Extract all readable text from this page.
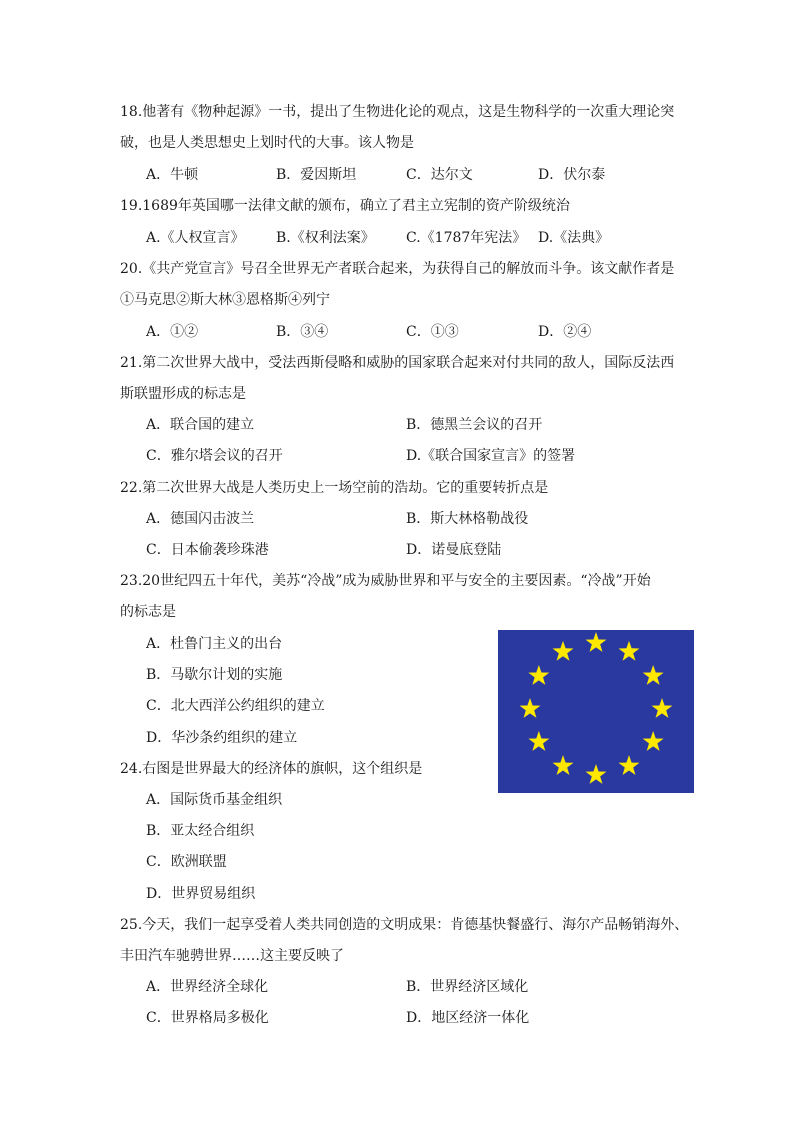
18.他著有《物种起源》一书，提出了生物进化论的观点，这是生物科学的一次重大理论突
破，也是人类思想史上划时代的大事。该人物是
A．牛顿	B．爱因斯坦	C．达尔文	D．伏尔泰
19.1689年英国哪一法律文献的颁布，确立了君主立宪制的资产阶级统治
A.《人权宣言》 B.《权利法案》 C.《1787年宪法》 D.《法典》
20.《共产党宣言》号召全世界无产者联合起来，为获得自己的解放而斗争。该文献作者是
①马克思②斯大林③恩格斯④列宁
A．①②	B．③④	C．①③	D．②④
21.第二次世界大战中，受法西斯侵略和威胁的国家联合起来对付共同的敌人，国际反法西
斯联盟形成的标志是
A．联合国的建立	B．德黑兰会议的召开
C．雅尔塔会议的召开	D.《联合国家宣言》的签署
22.第二次世界大战是人类历史上一场空前的浩劫。它的重要转折点是
A．德国闪击波兰	B．斯大林格勒战役
C．日本偷袭珍珠港	D．诺曼底登陆
23.20世纪四五十年代，美苏“冷战”成为威胁世界和平与安全的主要因素。“冷战”开始
的标志是
A．杜鲁门主义的出台
B．马歇尔计划的实施
C．北大西洋公约组织的建立
D．华沙条约组织的建立
24.右图是世界最大的经济体的旗帜，这个组织是
A．国际货币基金组织
B．亚太经合组织
C．欧洲联盟
D．世界贸易组织
25.今天，我们一起享受着人类共同创造的文明成果：肯德基快餐盛行、海尔产品畅销海外、
丰田汽车驰骋世界……这主要反映了
A．世界经济全球化	B．世界经济区域化
C．世界格局多极化	D．地区经济一体化
